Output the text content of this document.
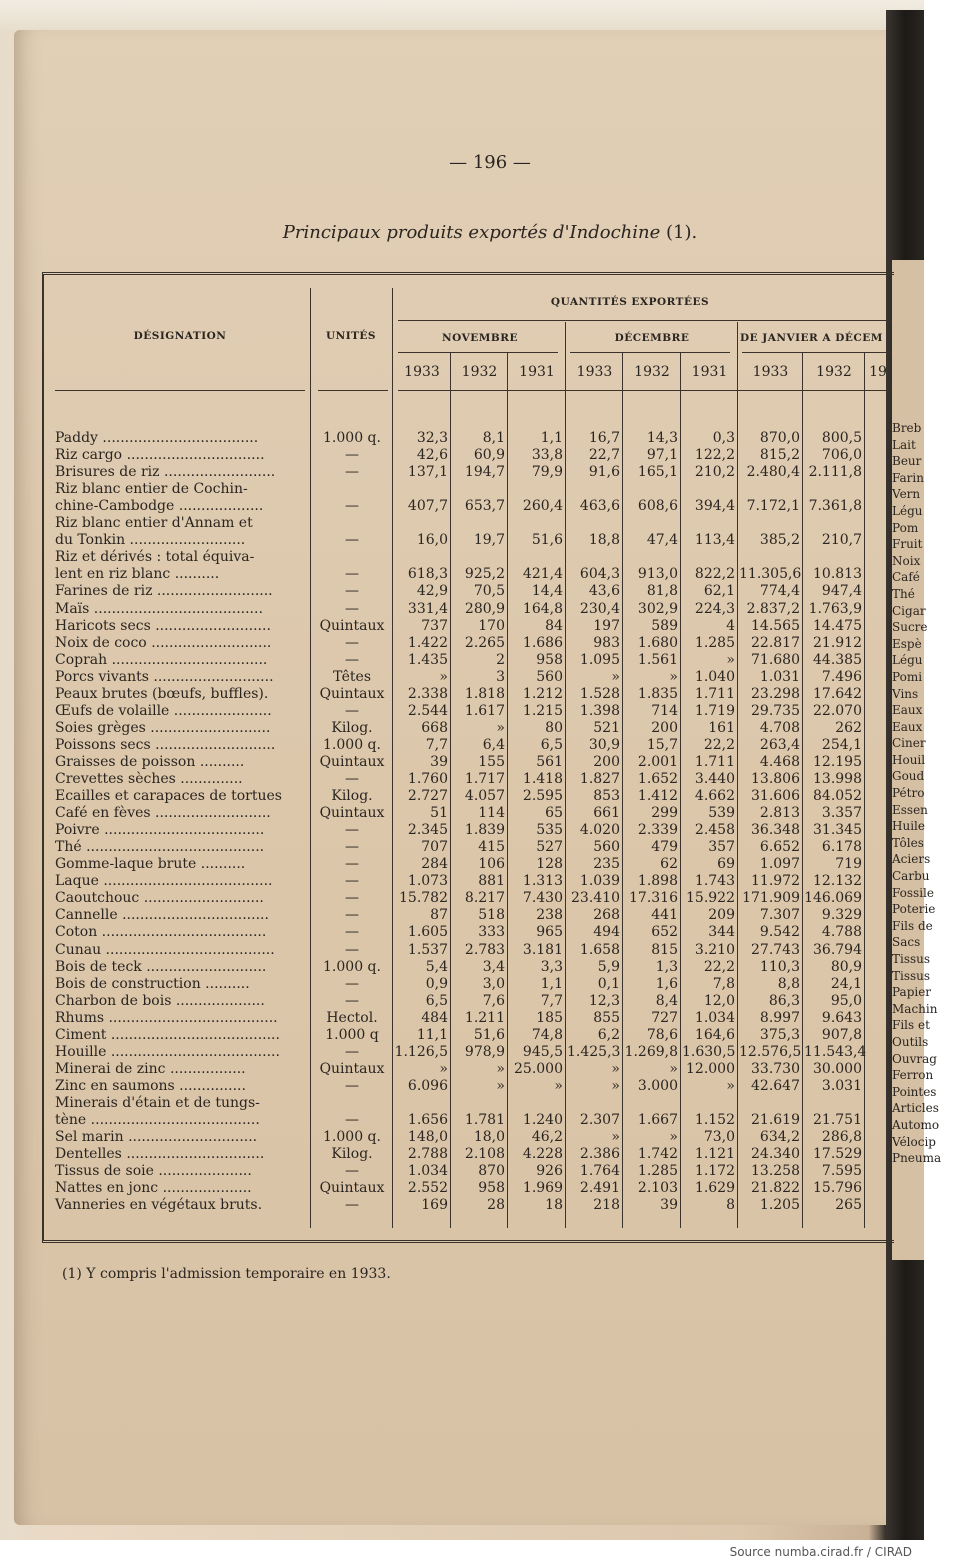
Breb
Lait
Beur
Farin
Vern
Légu
Pom
Fruit
Noix
Café
Thé
Cigar
Sucre
Espè
Légu
Pomi
Vins
Eaux
Eaux
Ciner
Houil
Goud
Pétro
Essen
Huile
Tôles
Aciers
Carbu
Fossile
Poterie
Fils de
Sacs
Tissus
Tissus
Papier
Machin
Fils et
Outils
Ouvrag
Ferron
Pointes
Articles
Automo
Vélocip
Pneuma
— 196 —
Principaux produits exportés d'Indochine (1).
DÉSIGNATION	UNITÉS
QUANTITÉS EXPORTÉES
NOVEMBRE	DÉCEMBRE	DE JANVIER A DÉCEM
1933	1932	1931	1933	1932	1931	1933	1932	19
Paddy ...................................	1.000 q.	32,3	8,1	1,1	16,7	14,3	0,3	870,0	800,5
Riz cargo ...............................	—	42,6	60,9	33,8	22,7	97,1	122,2	815,2	706,0
Brisures de riz .........................	—	137,1	194,7	79,9	91,6	165,1	210,2 2.480,4 2.111,8
Riz blanc entier de Cochin-
chine-Cambodge ...................	—	407,7	653,7	260,4	463,6	608,6	394,4 7.172,1 7.361,8
Riz blanc entier d'Annam et
du Tonkin ..........................	—	16,0	19,7	51,6	18,8	47,4	113,4	385,2	210,7
Riz et dérivés : total équiva-
lent en riz blanc ..........	—	618,3	925,2	421,4	604,3	913,0	822,2 11.305,6 10.813
Farines de riz ..........................	—	42,9	70,5	14,4	43,6	81,8	62,1	774,4	947,4
Maïs ......................................	—	331,4	280,9	164,8	230,4	302,9	224,3 2.837,2 1.763,9
Haricots secs ..........................	Quintaux	737	170	84	197	589	4	14.565 14.475
Noix de coco ...........................	—	1.422	2.265	1.686	983	1.680	1.285	22.817 21.912
Coprah ...................................	—	1.435	2	958	1.095	1.561	»	71.680 44.385
Porcs vivants ...........................	Têtes	»	3	560	»	»	1.040	1.031	7.496
Peaux brutes (bœufs, buffles).	Quintaux	2.338	1.818	1.212	1.528	1.835	1.711	23.298 17.642
Œufs de volaille ......................	—	2.544	1.617	1.215	1.398	714	1.719	29.735 22.070
Soies grèges ...........................	Kilog.	668	»	80	521	200	161	4.708	262
Poissons secs ...........................	1.000 q.	7,7	6,4	6,5	30,9	15,7	22,2	263,4	254,1
Graisses de poisson ..........	Quintaux	39	155	561	200	2.001	1.711	4.468 12.195
Crevettes sèches ..............	—	1.760	1.717	1.418	1.827	1.652	3.440	13.806 13.998
Ecailles et carapaces de tortues	Kilog.	2.727	4.057	2.595	853	1.412	4.662	31.606 84.052
Café en fèves ..........................	Quintaux	51	114	65	661	299	539	2.813	3.357
Poivre ....................................	—	2.345	1.839	535	4.020	2.339	2.458	36.348 31.345
Thé ........................................	—	707	415	527	560	479	357	6.652	6.178
Gomme-laque brute ..........	—	284	106	128	235	62	69	1.097	719
Laque ......................................	—	1.073	881	1.313	1.039	1.898	1.743	11.972 12.132
Caoutchouc ...........................	—	15.782	8.217	7.430 23.410 17.316 15.922 171.909 146.069
Cannelle .................................	—	87	518	238	268	441	209	7.307	9.329
Coton .....................................	—	1.605	333	965	494	652	344	9.542	4.788
Cunau ......................................	—	1.537	2.783	3.181	1.658	815	3.210	27.743 36.794
Bois de teck ...........................	1.000 q.	5,4	3,4	3,3	5,9	1,3	22,2	110,3	80,9
Bois de construction ..........	—	0,9	3,0	1,1	0,1	1,6	7,8	8,8	24,1
Charbon de bois ....................	—	6,5	7,6	7,7	12,3	8,4	12,0	86,3	95,0
Rhums ......................................	Hectol.	484	1.211	185	855	727	1.034	8.997	9.643
Ciment ......................................	1.000 q	11,1	51,6	74,8	6,2	78,6	164,6	375,3	907,8
Houille ......................................	—	1.126,5	978,9	945,5 1.425,3 1.269,8 1.630,5 12.576,5 11.543,4
Minerai de zinc .................	Quintaux	»	» 25.000	»	» 12.000	33.730 30.000
Zinc en saumons ...............	—	6.096	»	»	»	3.000	»	42.647	3.031
Minerais d'étain et de tungs-
tène ......................................	—	1.656	1.781	1.240	2.307	1.667	1.152	21.619 21.751
Sel marin .............................	1.000 q.	148,0	18,0	46,2	»	»	73,0	634,2	286,8
Dentelles ...............................	Kilog.	2.788	2.108	4.228	2.386	1.742	1.121	24.340 17.529
Tissus de soie .....................	—	1.034	870	926	1.764	1.285	1.172	13.258	7.595
Nattes en jonc ....................	Quintaux	2.552	958	1.969	2.491	2.103	1.629	21.822 15.796
Vanneries en végétaux bruts.	—	169	28	18	218	39	8	1.205	265
(1) Y compris l'admission temporaire en 1933.
Source numba.cirad.fr / CIRAD
